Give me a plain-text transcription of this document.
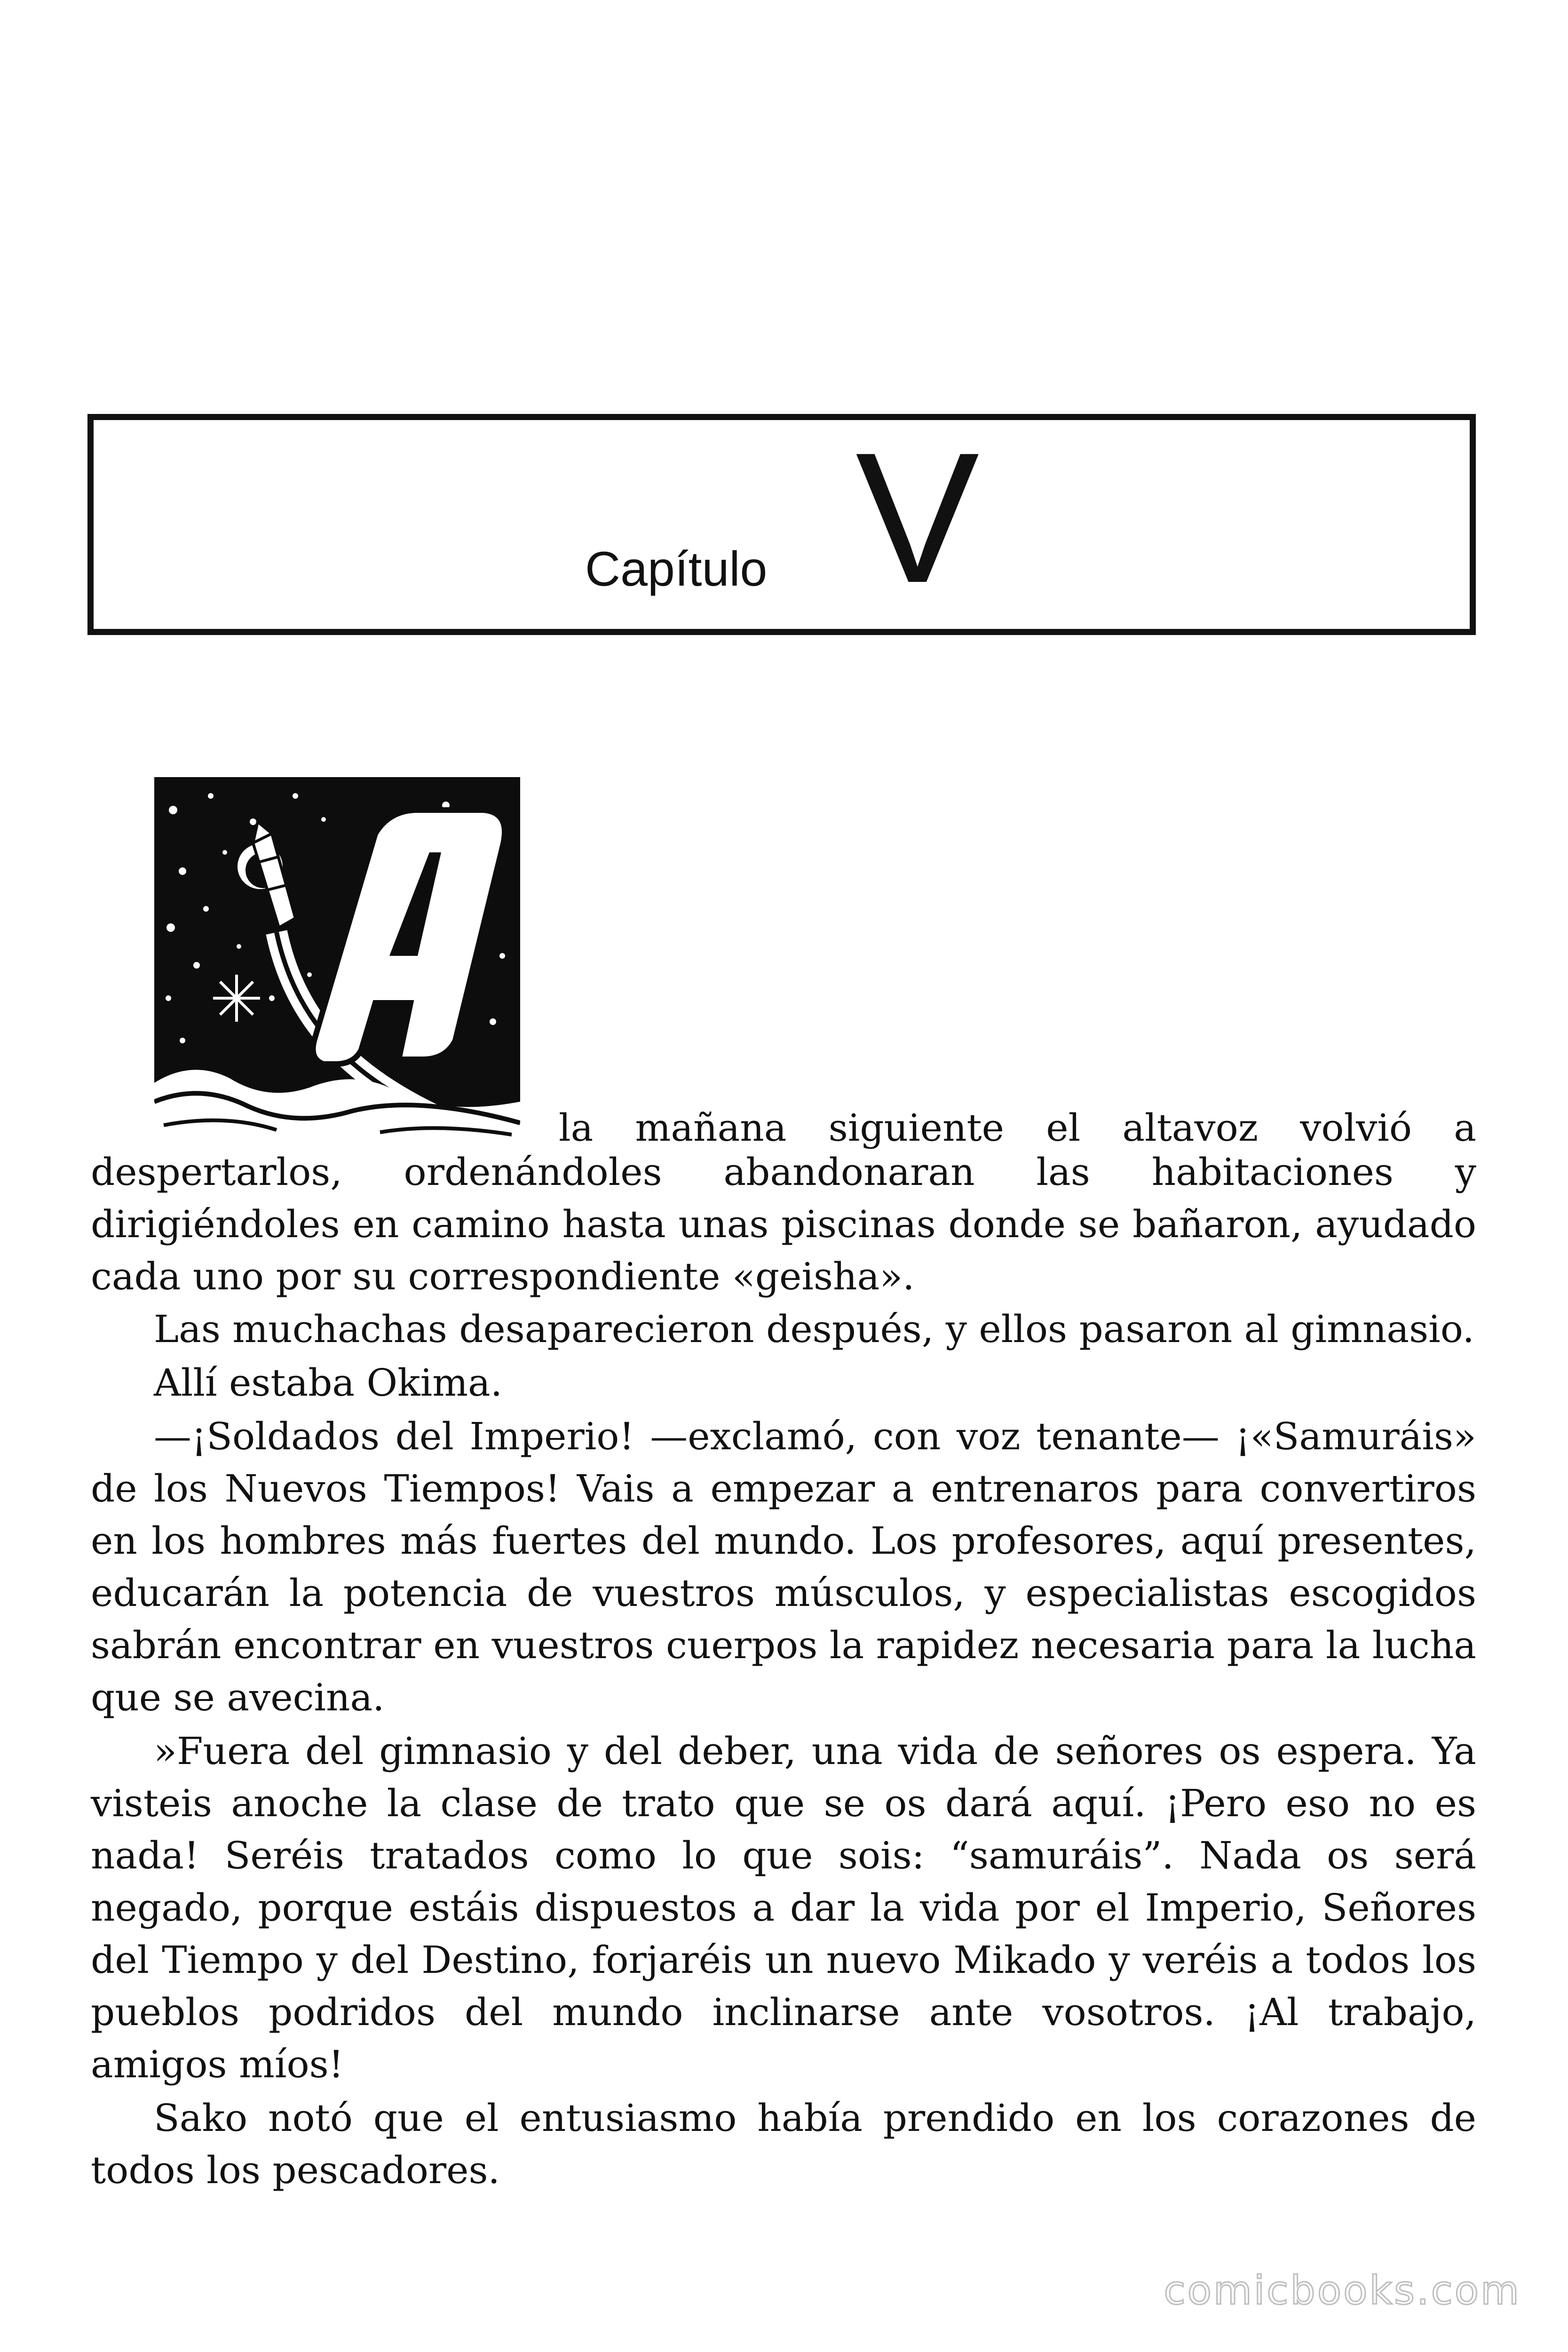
Capítulo V
la mañana siguiente el altavoz volvió a

despertarlos, ordenándoles abandonaran las habitaciones y dirigiéndoles en camino hasta unas piscinas donde se bañaron, ayudado cada uno por su correspondiente «geisha».

Las muchachas desaparecieron después, y ellos pasaron al gimnasio.

Allí estaba Okima.

—¡Soldados del Imperio! —exclamó, con voz tenante— ¡«Samuráis» de los Nuevos Tiempos! Vais a empezar a entrenaros para convertiros en los hombres más fuertes del mundo. Los profesores, aquí presentes, educarán la potencia de vuestros músculos, y especialistas escogidos sabrán encontrar en vuestros cuerpos la rapidez necesaria para la lucha que se avecina.

»Fuera del gimnasio y del deber, una vida de señores os espera. Ya visteis anoche la clase de trato que se os dará aquí. ¡Pero eso no es nada! Seréis tratados como lo que sois: “samuráis”. Nada os será negado, porque estáis dispuestos a dar la vida por el Imperio, Señores del Tiempo y del Destino, forjaréis un nuevo Mikado y veréis a todos los pueblos podridos del mundo inclinarse ante vosotros. ¡Al trabajo, amigos míos!

Sako notó que el entusiasmo había prendido en los corazones de todos los pescadores.

comicbooks.com
